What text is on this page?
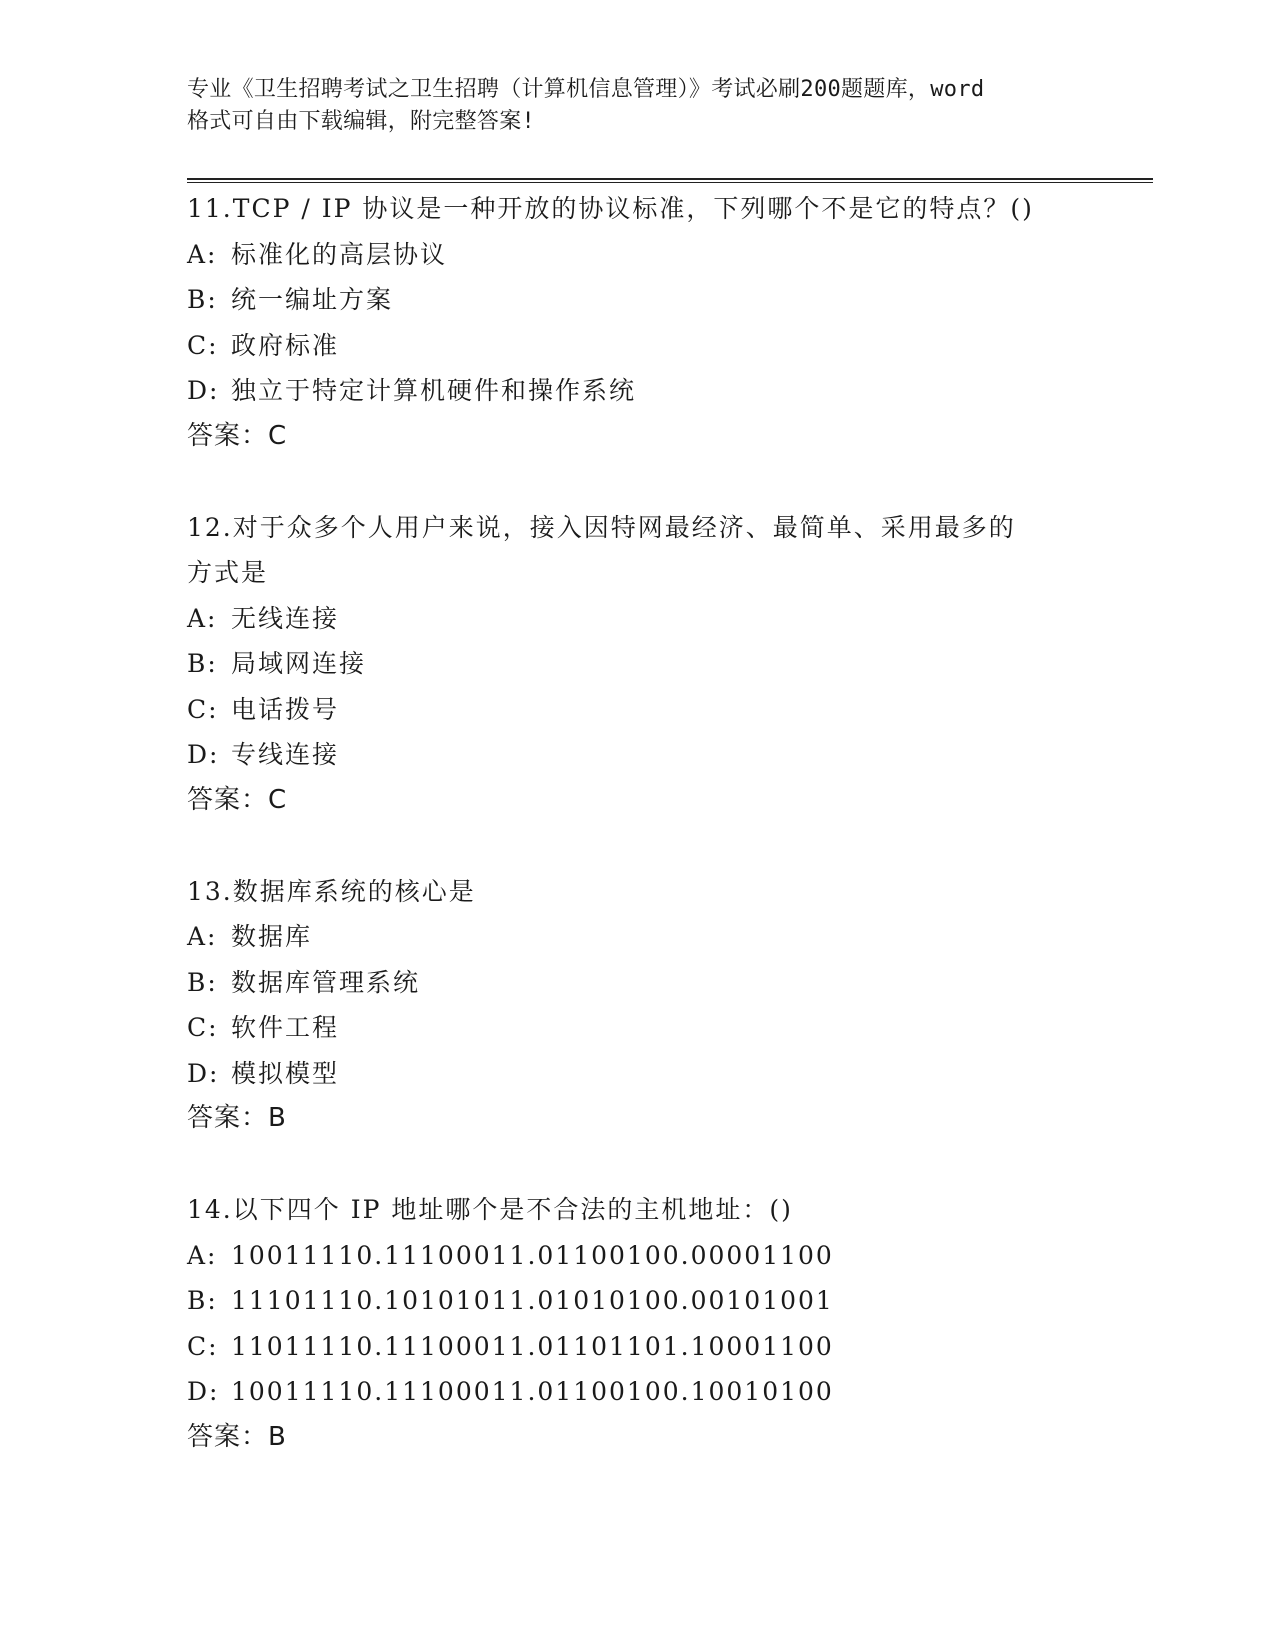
专业《卫生招聘考试之卫生招聘（计算机信息管理）》考试必刷200题题库，word
格式可自由下载编辑，附完整答案!
11.TCP / IP 协议是一种开放的协议标准，下列哪个不是它的特点？()
A: 标准化的高层协议
B: 统一编址方案
C: 政府标准
D: 独立于特定计算机硬件和操作系统
答案：C
12.对于众多个人用户来说，接入因特网最经济、最简单、采用最多的
方式是
A: 无线连接
B: 局域网连接
C: 电话拨号
D: 专线连接
答案：C
13.数据库系统的核心是
A: 数据库
B: 数据库管理系统
C: 软件工程
D: 模拟模型
答案：B
14.以下四个 IP 地址哪个是不合法的主机地址：()
A: 10011110.11100011.01100100.00001100
B: 11101110.10101011.01010100.00101001
C: 11011110.11100011.01101101.10001100
D: 10011110.11100011.01100100.10010100
答案：B
